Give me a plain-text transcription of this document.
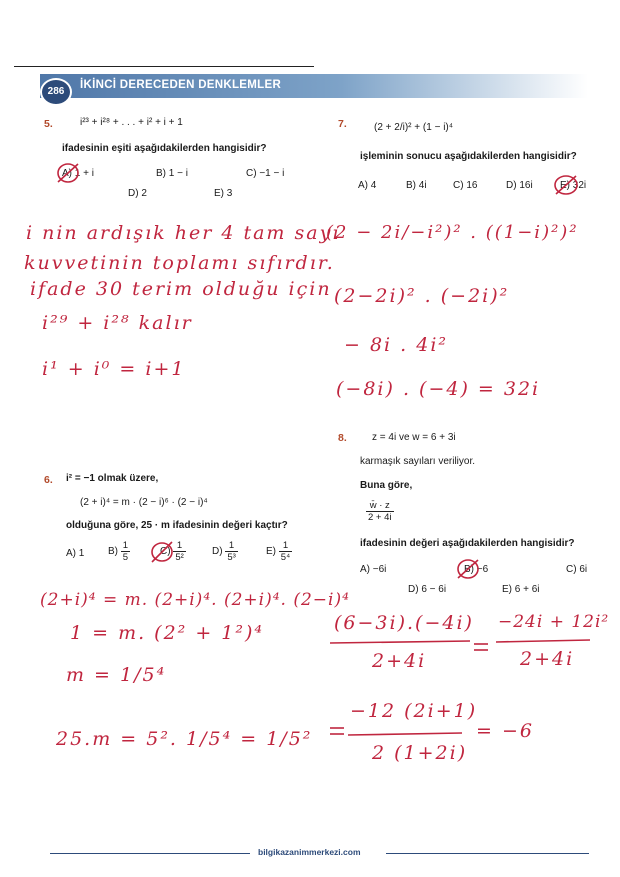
286
İKİNCİ DERECEDEN DENKLEMLER
5.	i²³ + i²⁸ + . . . + i² + i + 1
ifadesinin eşiti aşağıdakilerden hangisidir?
A) 1 + i	B) 1 − i	C) −1 − i
D) 2	E) 3
i nin ardışık her 4 tam sayı
kuvvetinin toplamı sıfırdır.
ifade 30 terim olduğu için
i²⁹ + i²⁸ kalır
i¹ + i⁰ = i+1
7.	(2 + 2/i)² + (1 − i)⁴
işleminin sonucu aşağıdakilerden hangisidir?
A) 4	B) 4i	C) 16	D) 16i	E) 32i
(2 − 2i/−i²)² . ((1−i)²)²
(2−2i)² . (−2i)²
− 8i . 4i²
(−8i) . (−4) = 32i
6. i² = −1 olmak üzere,
(2 + i)⁴ = m · (2 − i)⁶ · (2 − i)⁴
olduğuna göre, 25 · m ifadesinin değeri kaçtır?
A) 1 $B) \frac{1}{5}$	$C) \frac{1}{\text{5²}}$	$D) \frac{1}{\text{5³}}$	$E) \frac{1}{\text{5⁴}}$
(2+i)⁴ = m. (2+i)⁴. (2+i)⁴. (2−i)⁴
1 = m. (2² + 1²)⁴
m = 1/5⁴
25.m = 5². 1/5⁴ = 1/5²
8.	z = 4i ve w = 6 + 3i
karmaşık sayıları veriliyor.
Buna göre,
$\frac{w̄ \cdot z}{2 + 4i}$
ifadesinin değeri aşağıdakilerden hangisidir?
A) −6i	B) −6	C) 6i
D) 6 − 6i	E) 6 + 6i
(6−3i).(−4i)
2+4i
−24i + 12i²
2+4i
−12 (2i+1)
2 (1+2i)
= −6
bilgikazanimmerkezi.com
